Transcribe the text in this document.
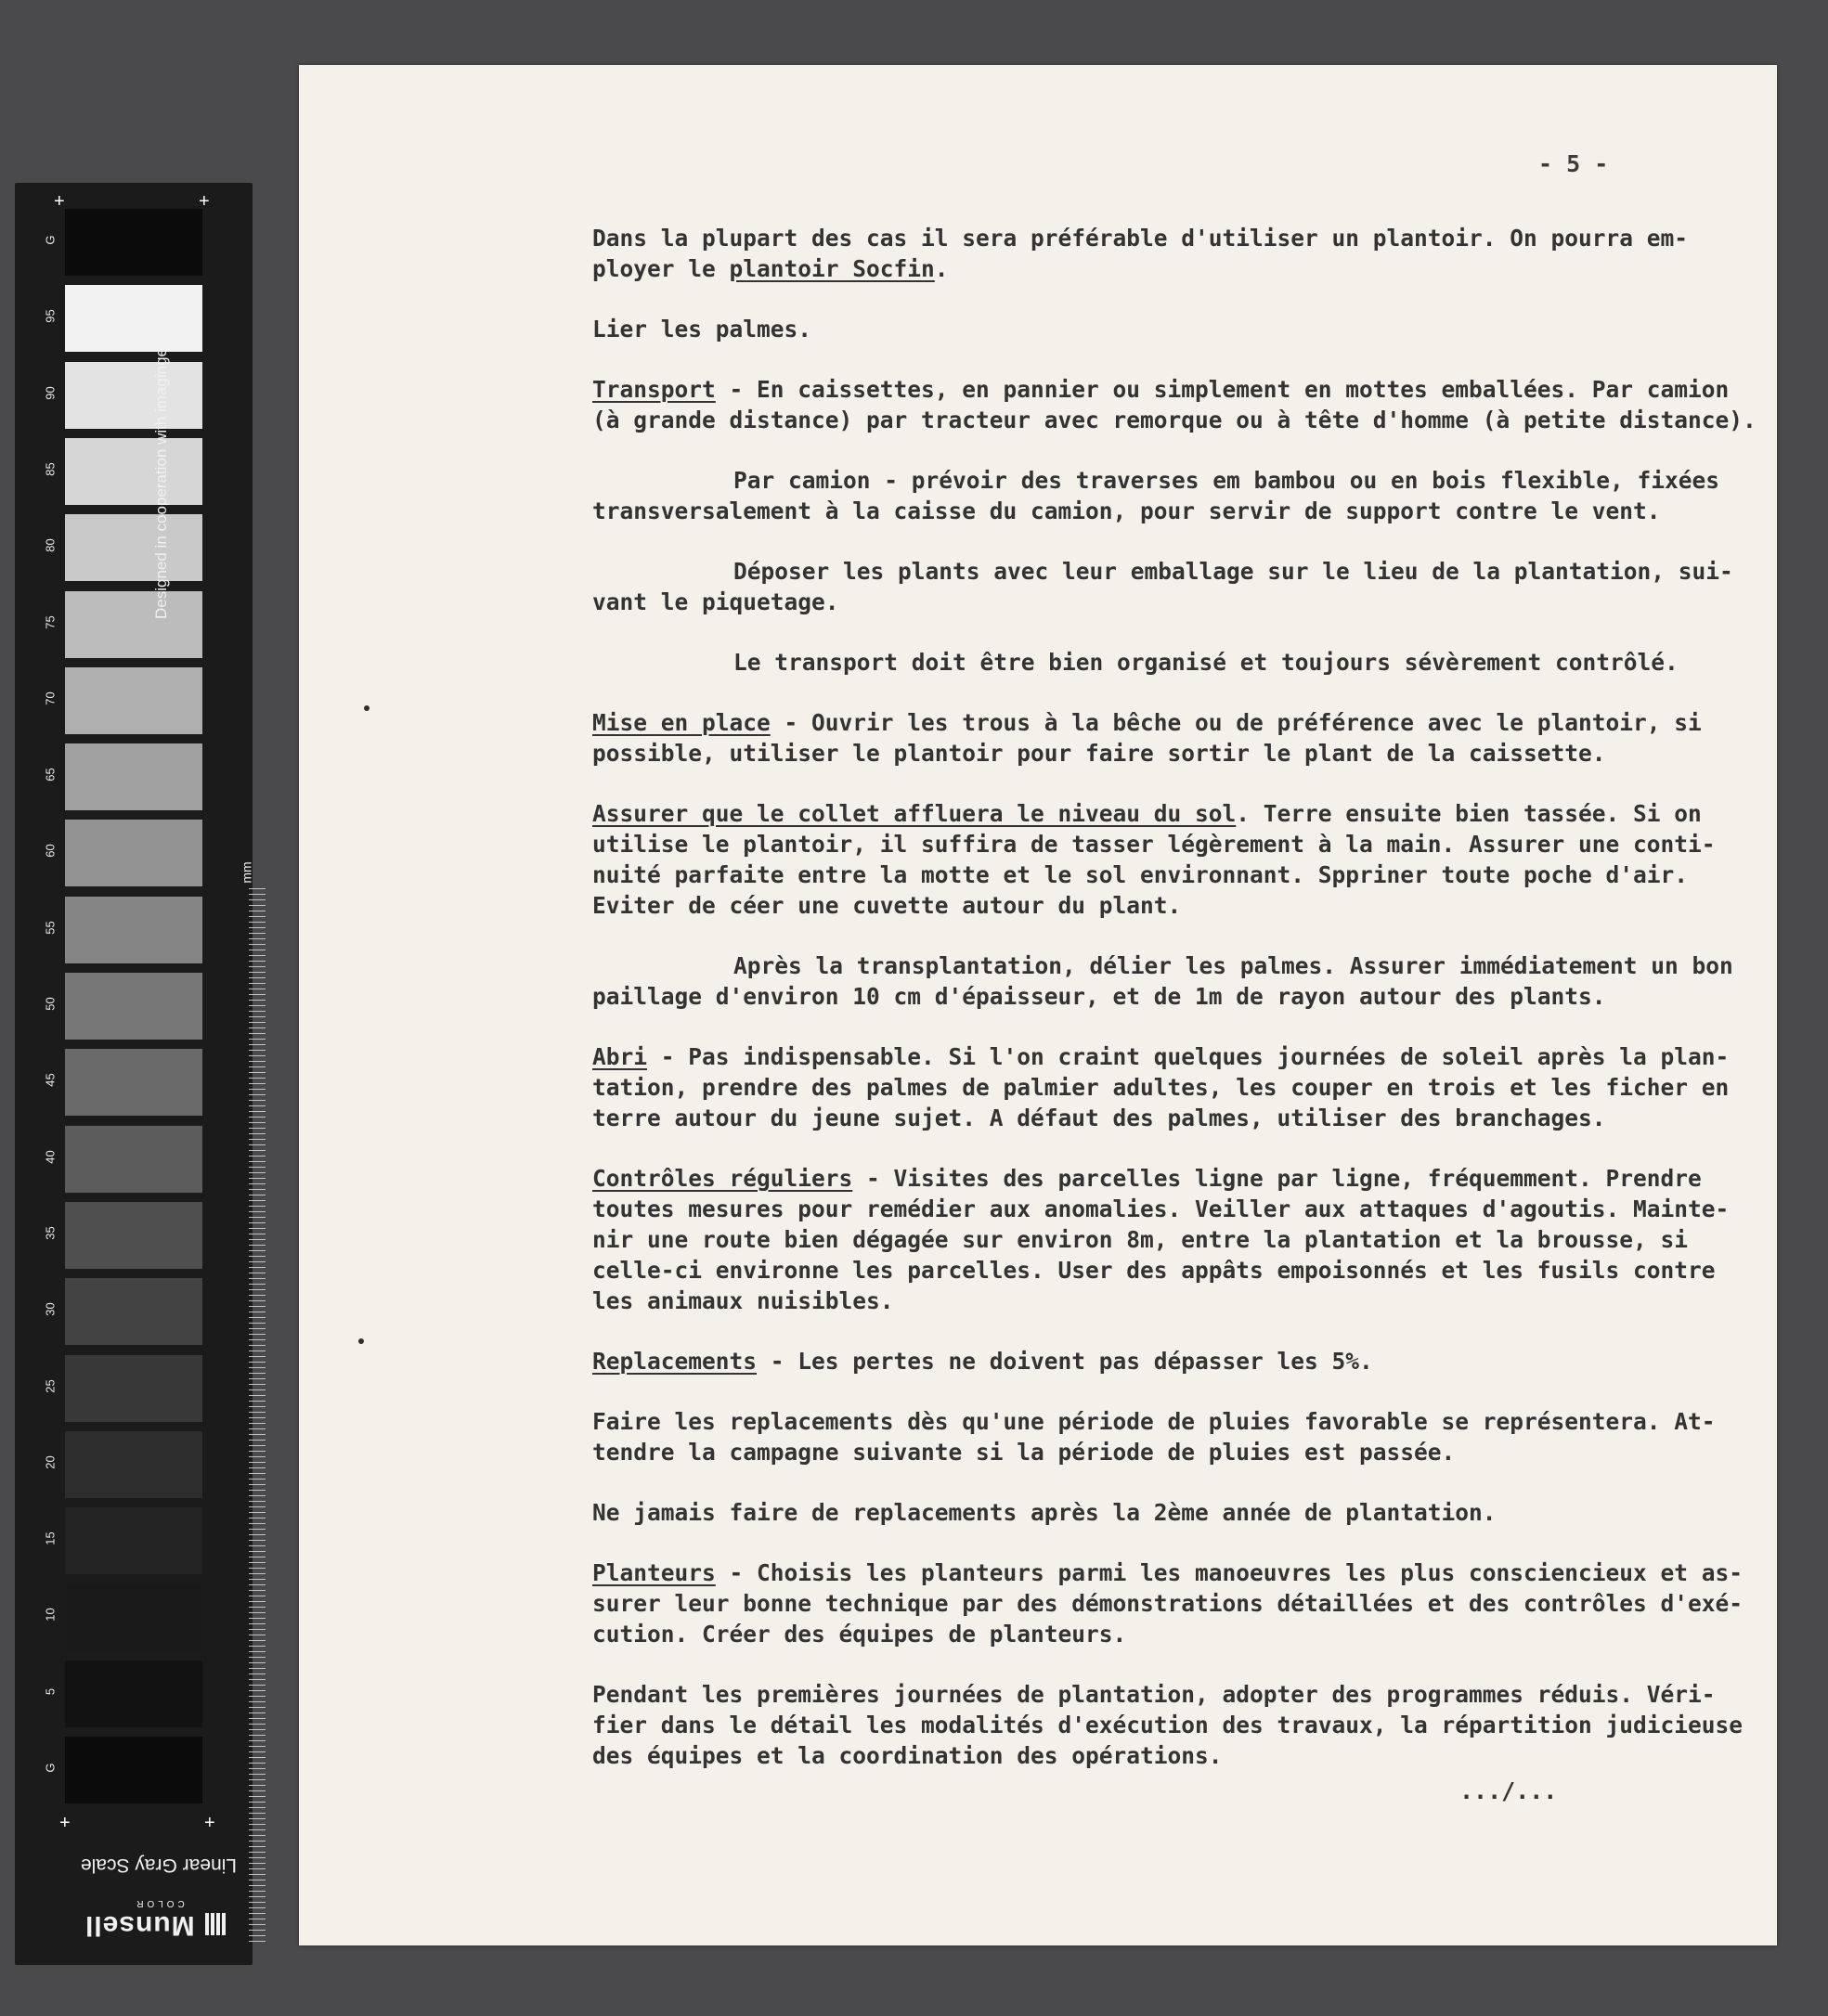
G
95
90
85
80
75
70
65
60
55
50
45
40
35
30
25
20
15
10
5
G
Designed in cooperation with imagingetc.com
mm
+	+
+	+
Linear Gray Scale
COLOR
Munsell
- 5 -
Dans la plupart des cas il sera préférable d'utiliser un plantoir. On pourra em-
ployer le plantoir Socfin.
Lier les palmes.
Transport - En caissettes, en pannier ou simplement en mottes emballées. Par camion
(à grande distance) par tracteur avec remorque ou à tête d'homme (à petite distance).
Par camion - prévoir des traverses em bambou ou en bois flexible, fixées
transversalement à la caisse du camion, pour servir de support contre le vent.
Déposer les plants avec leur emballage sur le lieu de la plantation, sui-
vant le piquetage.
Le transport doit être bien organisé et toujours sévèrement contrôlé.
Mise en place - Ouvrir les trous à la bêche ou de préférence avec le plantoir, si
possible, utiliser le plantoir pour faire sortir le plant de la caissette.
Assurer que le collet affluera le niveau du sol. Terre ensuite bien tassée. Si on
utilise le plantoir, il suffira de tasser légèrement à la main. Assurer une conti-
nuité parfaite entre la motte et le sol environnant. Sppriner toute poche d'air.
Eviter de céer une cuvette autour du plant.
Après la transplantation, délier les palmes. Assurer immédiatement un bon
paillage d'environ 10 cm d'épaisseur, et de 1m de rayon autour des plants.
Abri - Pas indispensable. Si l'on craint quelques journées de soleil après la plan-
tation, prendre des palmes de palmier adultes, les couper en trois et les ficher en
terre autour du jeune sujet. A défaut des palmes, utiliser des branchages.
Contrôles réguliers - Visites des parcelles ligne par ligne, fréquemment. Prendre
toutes mesures pour remédier aux anomalies. Veiller aux attaques d'agoutis. Mainte-
nir une route bien dégagée sur environ 8m, entre la plantation et la brousse, si
celle-ci environne les parcelles. User des appâts empoisonnés et les fusils contre
les animaux nuisibles.
Replacements - Les pertes ne doivent pas dépasser les 5%.
Faire les replacements dès qu'une période de pluies favorable se représentera. At-
tendre la campagne suivante si la période de pluies est passée.
Ne jamais faire de replacements après la 2ème année de plantation.
Planteurs - Choisis les planteurs parmi les manoeuvres les plus consciencieux et as-
surer leur bonne technique par des démonstrations détaillées et des contrôles d'exé-
cution. Créer des équipes de planteurs.
Pendant les premières journées de plantation, adopter des programmes réduis. Véri-
fier dans le détail les modalités d'exécution des travaux, la répartition judicieuse
des équipes et la coordination des opérations.
.../...
